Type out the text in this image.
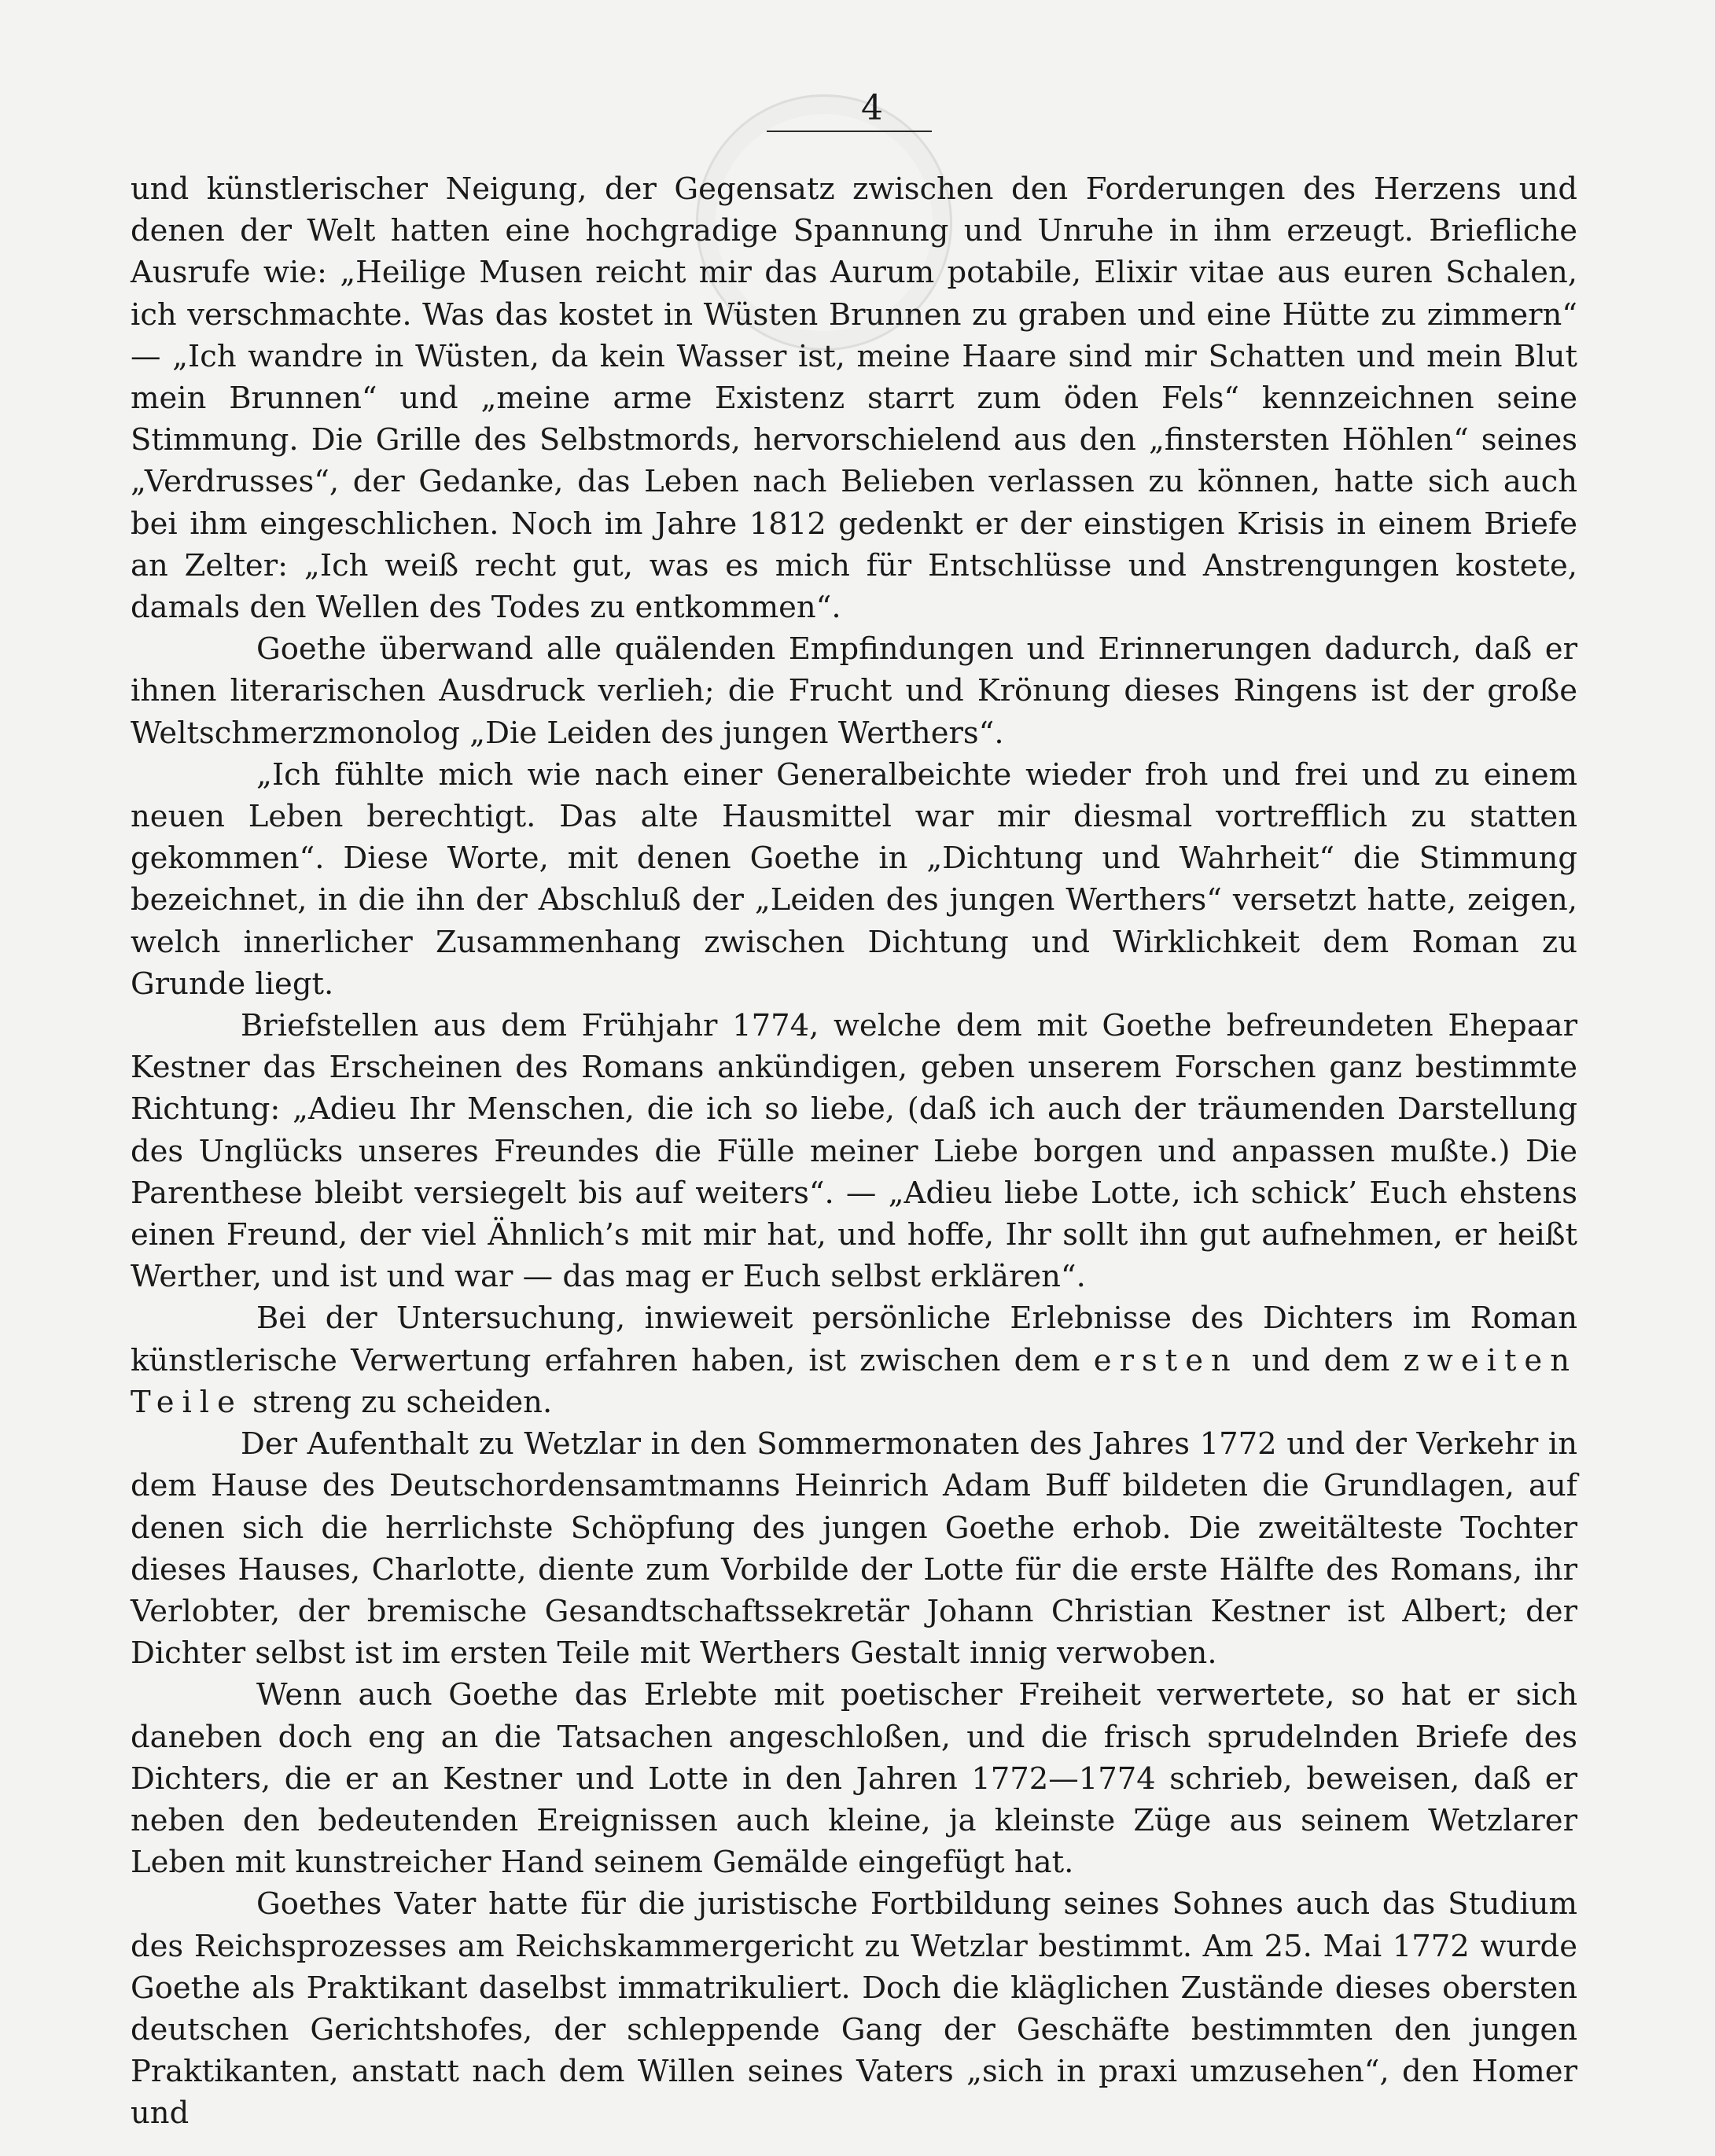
4

und künstlerischer Neigung, der Gegensatz zwischen den Forderungen des Herzens und denen der Welt hatten eine hochgradige Spannung und Unruhe in ihm erzeugt. Briefliche Ausrufe wie: „Heilige Musen reicht mir das Aurum potabile, Elixir vitae aus euren Schalen, ich verschmachte. Was das kostet in Wüsten Brunnen zu graben und eine Hütte zu zimmern“ — „Ich wandre in Wüsten, da kein Wasser ist, meine Haare sind mir Schatten und mein Blut mein Brunnen“ und „meine arme Existenz starrt zum öden Fels“ kennzeichnen seine Stimmung. Die Grille des Selbstmords, hervorschielend aus den „finstersten Höhlen“ seines „Verdrusses“, der Gedanke, das Leben nach Belieben verlassen zu können, hatte sich auch bei ihm eingeschlichen. Noch im Jahre 1812 gedenkt er der einstigen Krisis in einem Briefe an Zelter: „Ich weiß recht gut, was es mich für Entschlüsse und Anstrengungen kostete, damals den Wellen des Todes zu entkommen“.

Goethe überwand alle quälenden Empfindungen und Erinnerungen dadurch, daß er ihnen literarischen Ausdruck verlieh; die Frucht und Krönung dieses Ringens ist der große Weltschmerzmonolog „Die Leiden des jungen Werthers“.

„Ich fühlte mich wie nach einer Generalbeichte wieder froh und frei und zu einem neuen Leben berechtigt. Das alte Hausmittel war mir diesmal vortrefflich zu statten gekommen“. Diese Worte, mit denen Goethe in „Dichtung und Wahrheit“ die Stimmung bezeichnet, in die ihn der Abschluß der „Leiden des jungen Werthers“ versetzt hatte, zeigen, welch innerlicher Zusammenhang zwischen Dichtung und Wirklichkeit dem Roman zu Grunde liegt.

Briefstellen aus dem Frühjahr 1774, welche dem mit Goethe befreundeten Ehepaar Kestner das Erscheinen des Romans ankündigen, geben unserem Forschen ganz bestimmte Richtung: „Adieu Ihr Menschen, die ich so liebe, (daß ich auch der träumenden Darstellung des Unglücks unseres Freundes die Fülle meiner Liebe borgen und anpassen mußte.) Die Parenthese bleibt versiegelt bis auf weiters“. — „Adieu liebe Lotte, ich schick’ Euch ehstens einen Freund, der viel Ähnlich’s mit mir hat, und hoffe, Ihr sollt ihn gut aufnehmen, er heißt Werther, und ist und war — das mag er Euch selbst erklären“.

Bei der Untersuchung, inwieweit persönliche Erlebnisse des Dichters im Roman künstlerische Verwertung erfahren haben, ist zwischen dem ersten und dem zweiten Teile streng zu scheiden.

Der Aufenthalt zu Wetzlar in den Sommermonaten des Jahres 1772 und der Verkehr in dem Hause des Deutschordensamtmanns Heinrich Adam Buff bildeten die Grundlagen, auf denen sich die herrlichste Schöpfung des jungen Goethe erhob. Die zweitälteste Tochter dieses Hauses, Charlotte, diente zum Vorbilde der Lotte für die erste Hälfte des Romans, ihr Verlobter, der bremische Gesandtschaftssekretär Johann Christian Kestner ist Albert; der Dichter selbst ist im ersten Teile mit Werthers Gestalt innig verwoben.

Wenn auch Goethe das Erlebte mit poetischer Freiheit verwertete, so hat er sich daneben doch eng an die Tatsachen angeschloßen, und die frisch sprudelnden Briefe des Dichters, die er an Kestner und Lotte in den Jahren 1772—1774 schrieb, beweisen, daß er neben den bedeutenden Ereignissen auch kleine, ja kleinste Züge aus seinem Wetzlarer Leben mit kunstreicher Hand seinem Gemälde eingefügt hat.

Goethes Vater hatte für die juristische Fortbildung seines Sohnes auch das Studium des Reichsprozesses am Reichskammergericht zu Wetzlar bestimmt. Am 25. Mai 1772 wurde Goethe als Praktikant daselbst immatrikuliert. Doch die kläglichen Zustände dieses obersten deutschen Gerichtshofes, der schleppende Gang der Geschäfte bestimmten den jungen Praktikanten, anstatt nach dem Willen seines Vaters „sich in praxi umzusehen“, den Homer und
